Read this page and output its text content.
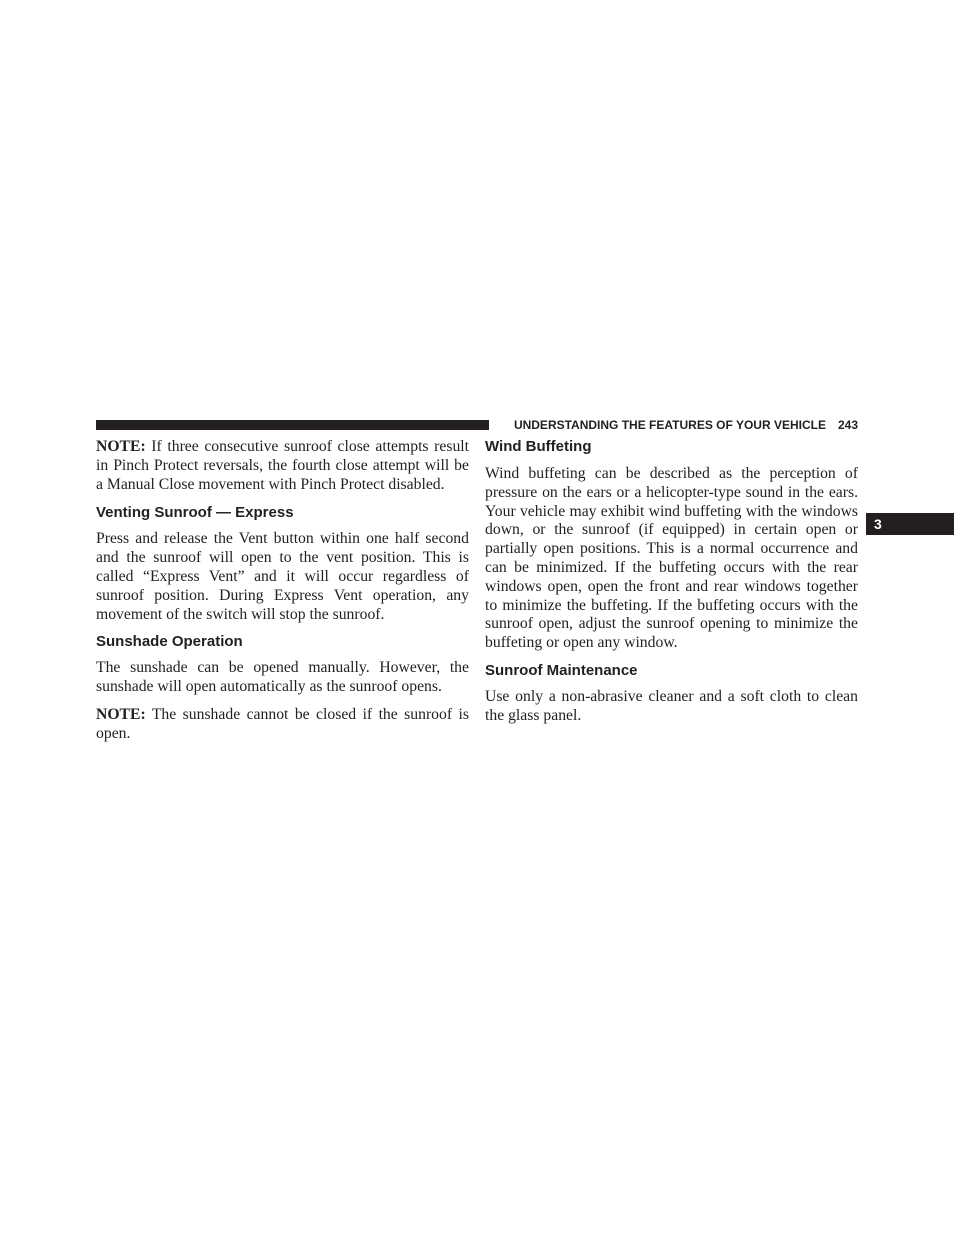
UNDERSTANDING THE FEATURES OF YOUR VEHICLE 243
3

NOTE: If three consecutive sunroof close attempts result in Pinch Protect reversals, the fourth close attempt will be a Manual Close movement with Pinch Protect disabled.

Venting Sunroof — Express

Press and release the Vent button within one half second and the sunroof will open to the vent position. This is called “Express Vent” and it will occur regardless of sunroof position. During Express Vent operation, any movement of the switch will stop the sunroof.

Sunshade Operation

The sunshade can be opened manually. However, the sunshade will open automatically as the sunroof opens.

NOTE: The sunshade cannot be closed if the sunroof is open.

Wind Buffeting

Wind buffeting can be described as the perception of pressure on the ears or a helicopter-type sound in the ears. Your vehicle may exhibit wind buffeting with the windows down, or the sunroof (if equipped) in certain open or partially open positions. This is a normal occurrence and can be minimized. If the buffeting occurs with the rear windows open, open the front and rear windows together to minimize the buffeting. If the buffeting occurs with the sunroof open, adjust the sunroof opening to minimize the buffeting or open any window.

Sunroof Maintenance

Use only a non-abrasive cleaner and a soft cloth to clean the glass panel.
